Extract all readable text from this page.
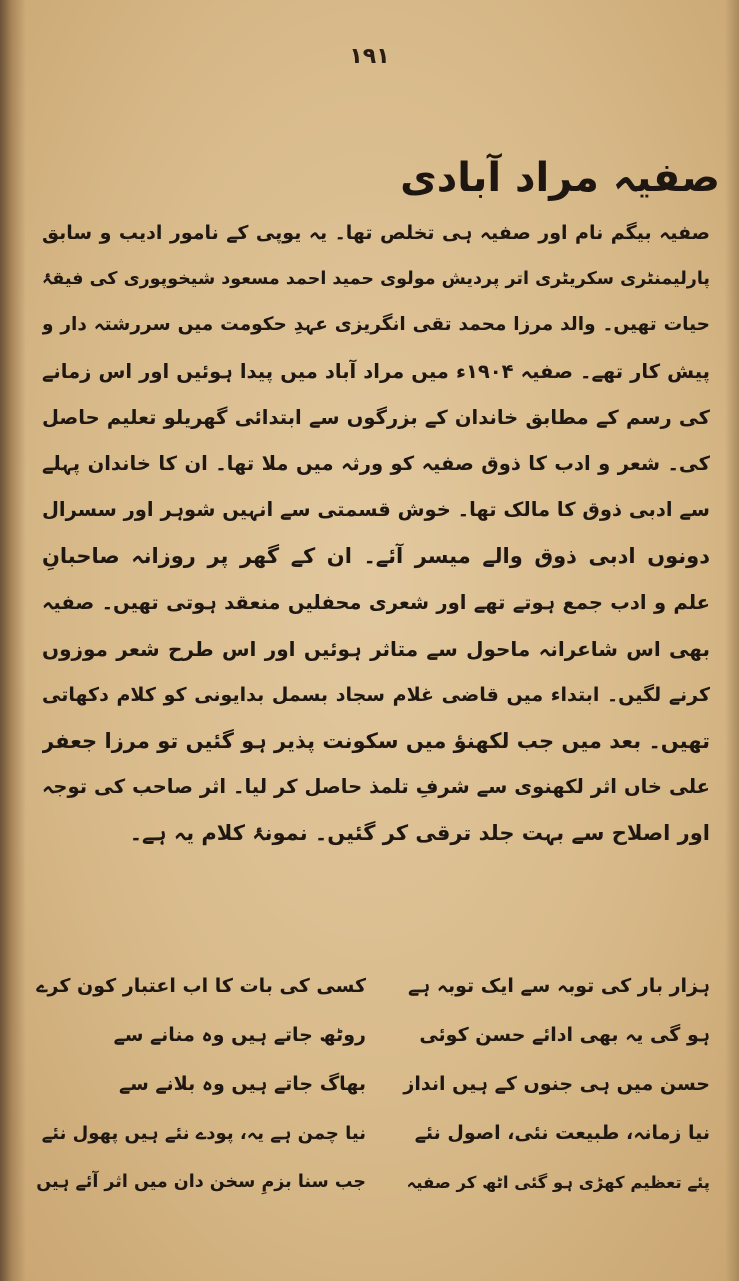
۱۹۱
صفیہ مراد آبادی
صفیہ بیگم نام اور صفیہ ہی تخلص تھا۔ یہ یوپی کے نامور ادیب و سابق
پارلیمنٹری سکریٹری اتر پردیش مولوی حمید احمد مسعود شیخوپوری کی فیقۂ
حیات تھیں۔ والد مرزا محمد تقی انگریزی عہدِ حکومت میں سررشتہ دار و
پیش کار تھے۔ صفیہ ۱۹۰۴ء میں مراد آباد میں پیدا ہوئیں اور اس زمانے
کی رسم کے مطابق خاندان کے بزرگوں سے ابتدائی گھریلو تعلیم حاصل
کی۔ شعر و ادب کا ذوق صفیہ کو ورثہ میں ملا تھا۔ ان کا خاندان پہلے
سے ادبی ذوق کا مالک تھا۔ خوش قسمتی سے انہیں شوہر اور سسرال
دونوں ادبی ذوق والے میسر آئے۔ ان کے گھر پر روزانہ صاحبانِ
علم و ادب جمع ہوتے تھے اور شعری محفلیں منعقد ہوتی تھیں۔ صفیہ
بھی اس شاعرانہ ماحول سے متاثر ہوئیں اور اس طرح شعر موزوں
کرنے لگیں۔ ابتداء میں قاضی غلام سجاد بسمل بدایونی کو کلام دکھاتی
تھیں۔ بعد میں جب لکھنؤ میں سکونت پذیر ہو گئیں تو مرزا جعفر
علی خاں اثر لکھنوی سے شرفِ تلمذ حاصل کر لیا۔ اثر صاحب کی توجہ
اور اصلاح سے بہت جلد ترقی کر گئیں۔ نمونۂ کلام یہ ہے۔
ہزار بار کی توبہ سے ایک توبہ ہے
ہو گی یہ بھی ادائے حسن کوئی
حسن میں ہی جنوں کے ہیں انداز
نیا زمانہ، طبیعت نئی، اصول نئے
پئے تعظیم کھڑی ہو گئی اٹھ کر صفیہ
کسی کی بات کا اب اعتبار کون کرے
روٹھ جاتے ہیں وہ منانے سے
بھاگ جاتے ہیں وہ بلانے سے
نیا چمن ہے یہ، پودے نئے ہیں پھول نئے
جب سنا بزمِ سخن دان میں اثر آئے ہیں
